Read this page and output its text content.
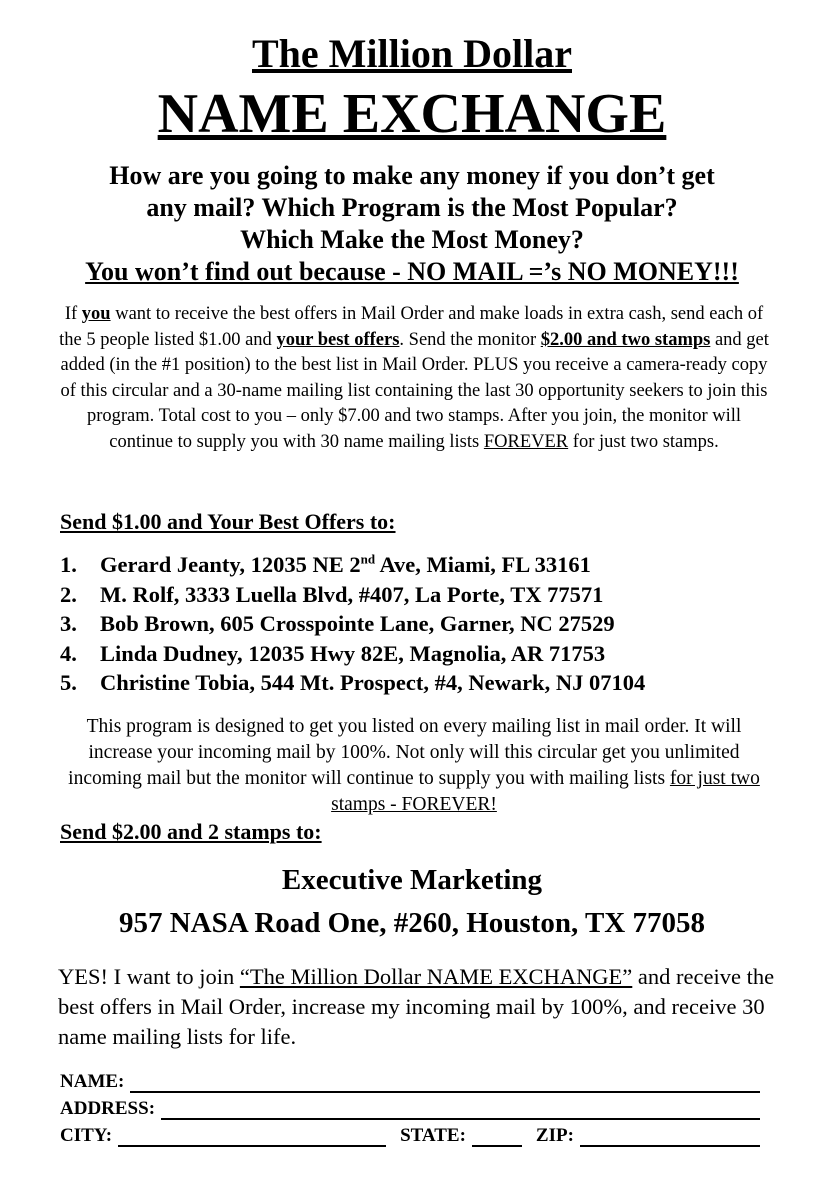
The Million Dollar
NAME EXCHANGE
How are you going to make any money if you don’t get
any mail? Which Program is the Most Popular?
Which Make the Most Money?
You won’t find out because - NO MAIL =’s NO MONEY!!!
If you want to receive the best offers in Mail Order and make loads in extra cash, send each of the 5 people listed $1.00 and your best offers. Send the monitor $2.00 and two stamps and get added (in the #1 position) to the best list in Mail Order. PLUS you receive a camera-ready copy of this circular and a 30-name mailing list containing the last 30 opportunity seekers to join this program. Total cost to you – only $7.00 and two stamps. After you join, the monitor will continue to supply you with 30 name mailing lists FOREVER for just two stamps.
Send $1.00 and Your Best Offers to:
1. Gerard Jeanty, 12035 NE 2nd Ave, Miami, FL 33161
2. M. Rolf, 3333 Luella Blvd, #407, La Porte, TX 77571
3. Bob Brown, 605 Crosspointe Lane, Garner, NC 27529
4. Linda Dudney, 12035 Hwy 82E, Magnolia, AR 71753
5. Christine Tobia, 544 Mt. Prospect, #4, Newark, NJ 07104
This program is designed to get you listed on every mailing list in mail order. It will increase your incoming mail by 100%. Not only will this circular get you unlimited incoming mail but the monitor will continue to supply you with mailing lists for just two stamps - FOREVER!
Send $2.00 and 2 stamps to:
Executive Marketing
957 NASA Road One, #260, Houston, TX 77058
YES! I want to join “The Million Dollar NAME EXCHANGE” and receive the best offers in Mail Order, increase my incoming mail by 100%, and receive 30 name mailing lists for life.
NAME:
ADDRESS:
CITY:	STATE:	ZIP:
